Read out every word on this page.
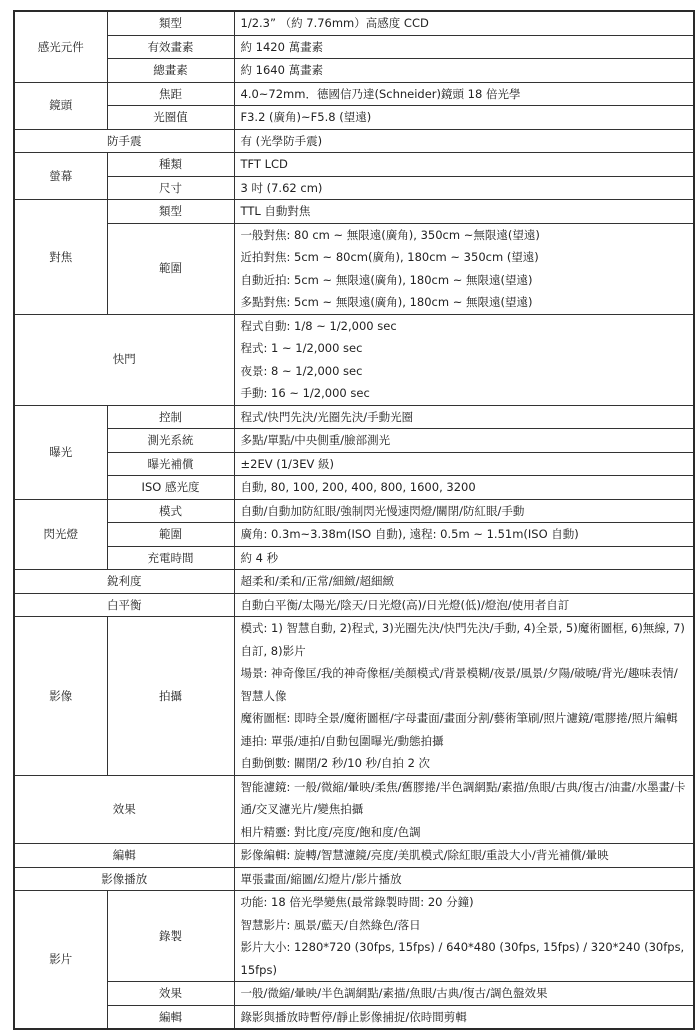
感光元件	類型	1/2.3” （約 7.76mm）高感度 CCD
	有效畫素	約 1420 萬畫素
	總畫素	約 1640 萬畫素
鏡頭	焦距	4.0~72mm．德國信乃達(Schneider)鏡頭 18 倍光學
	光圈值	F3.2 (廣角)~F5.8 (望遠)
防手震		有 (光學防手震)
螢幕	種類	TFT LCD
	尺寸	3 吋 (7.62 cm)
對焦	類型	TTL 自動對焦
	範圍	一般對焦: 80 cm ~ 無限遠(廣角), 350cm ~無限遠(望遠)
近拍對焦: 5cm ~ 80cm(廣角), 180cm ~ 350cm (望遠)
自動近拍: 5cm ~ 無限遠(廣角), 180cm ~ 無限遠(望遠)
多點對焦: 5cm ~ 無限遠(廣角), 180cm ~ 無限遠(望遠)

快門		程式自動: 1/8 ~ 1/2,000 sec
程式: 1 ~ 1/2,000 sec
夜景: 8 ~ 1/2,000 sec
手動: 16 ~ 1/2,000 sec

曝光	控制	程式/快門先決/光圈先決/手動光圈
	測光系統	多點/單點/中央側重/臉部測光
	曝光補償	±2EV (1/3EV 級)
	ISO 感光度	自動, 80, 100, 200, 400, 800, 1600, 3200
閃光燈	模式	自動/自動加防紅眼/強制閃光慢速閃燈/關閉/防紅眼/手動
	範圍	廣角: 0.3m~3.38m(ISO 自動), 遠程: 0.5m ~ 1.51m(ISO 自動)
	充電時間	約 4 秒
銳利度		超柔和/柔和/正常/細緻/超細緻
白平衡		自動白平衡/太陽光/陰天/日光燈(高)/日光燈(低)/燈泡/使用者自訂
影像	拍攝	模式: 1) 智慧自動, 2)程式, 3)光圈先決/快門先決/手動, 4)全景, 5)魔術圖框, 6)無線, 7)自訂, 8)影片
場景: 神奇像匡/我的神奇像框/美顏模式/背景模糊/夜景/風景/夕陽/破曉/背光/趣味表情/智慧人像
魔術圖框: 即時全景/魔術圖框/字母畫面/畫面分割/藝術筆刷/照片濾鏡/電膠捲/照片編輯
連拍: 單張/連拍/自動包圍曝光/動態拍攝
自動倒數: 關閉/2 秒/10 秒/自拍 2 次

效果		智能濾鏡: 一般/微縮/暈映/柔焦/舊膠捲/半色調網點/素描/魚眼/古典/復古/油畫/水墨畫/卡通/交叉濾光片/變焦拍攝
相片精靈: 對比度/亮度/飽和度/色調

編輯		影像編輯: 旋轉/智慧濾鏡/亮度/美肌模式/除紅眼/重設大小/背光補償/暈映
影像播放		單張畫面/縮圖/幻燈片/影片播放
影片	錄製	功能: 18 倍光學變焦(最常錄製時間: 20 分鐘)
智慧影片: 風景/藍天/自然綠色/落日
影片大小: 1280*720 (30fps, 15fps) / 640*480 (30fps, 15fps) / 320*240 (30fps, 15fps)

	效果	一般/微縮/暈映/半色調網點/素描/魚眼/古典/復古/調色盤效果
	編輯	錄影與播放時暫停/靜止影像捕捉/依時間剪輯
